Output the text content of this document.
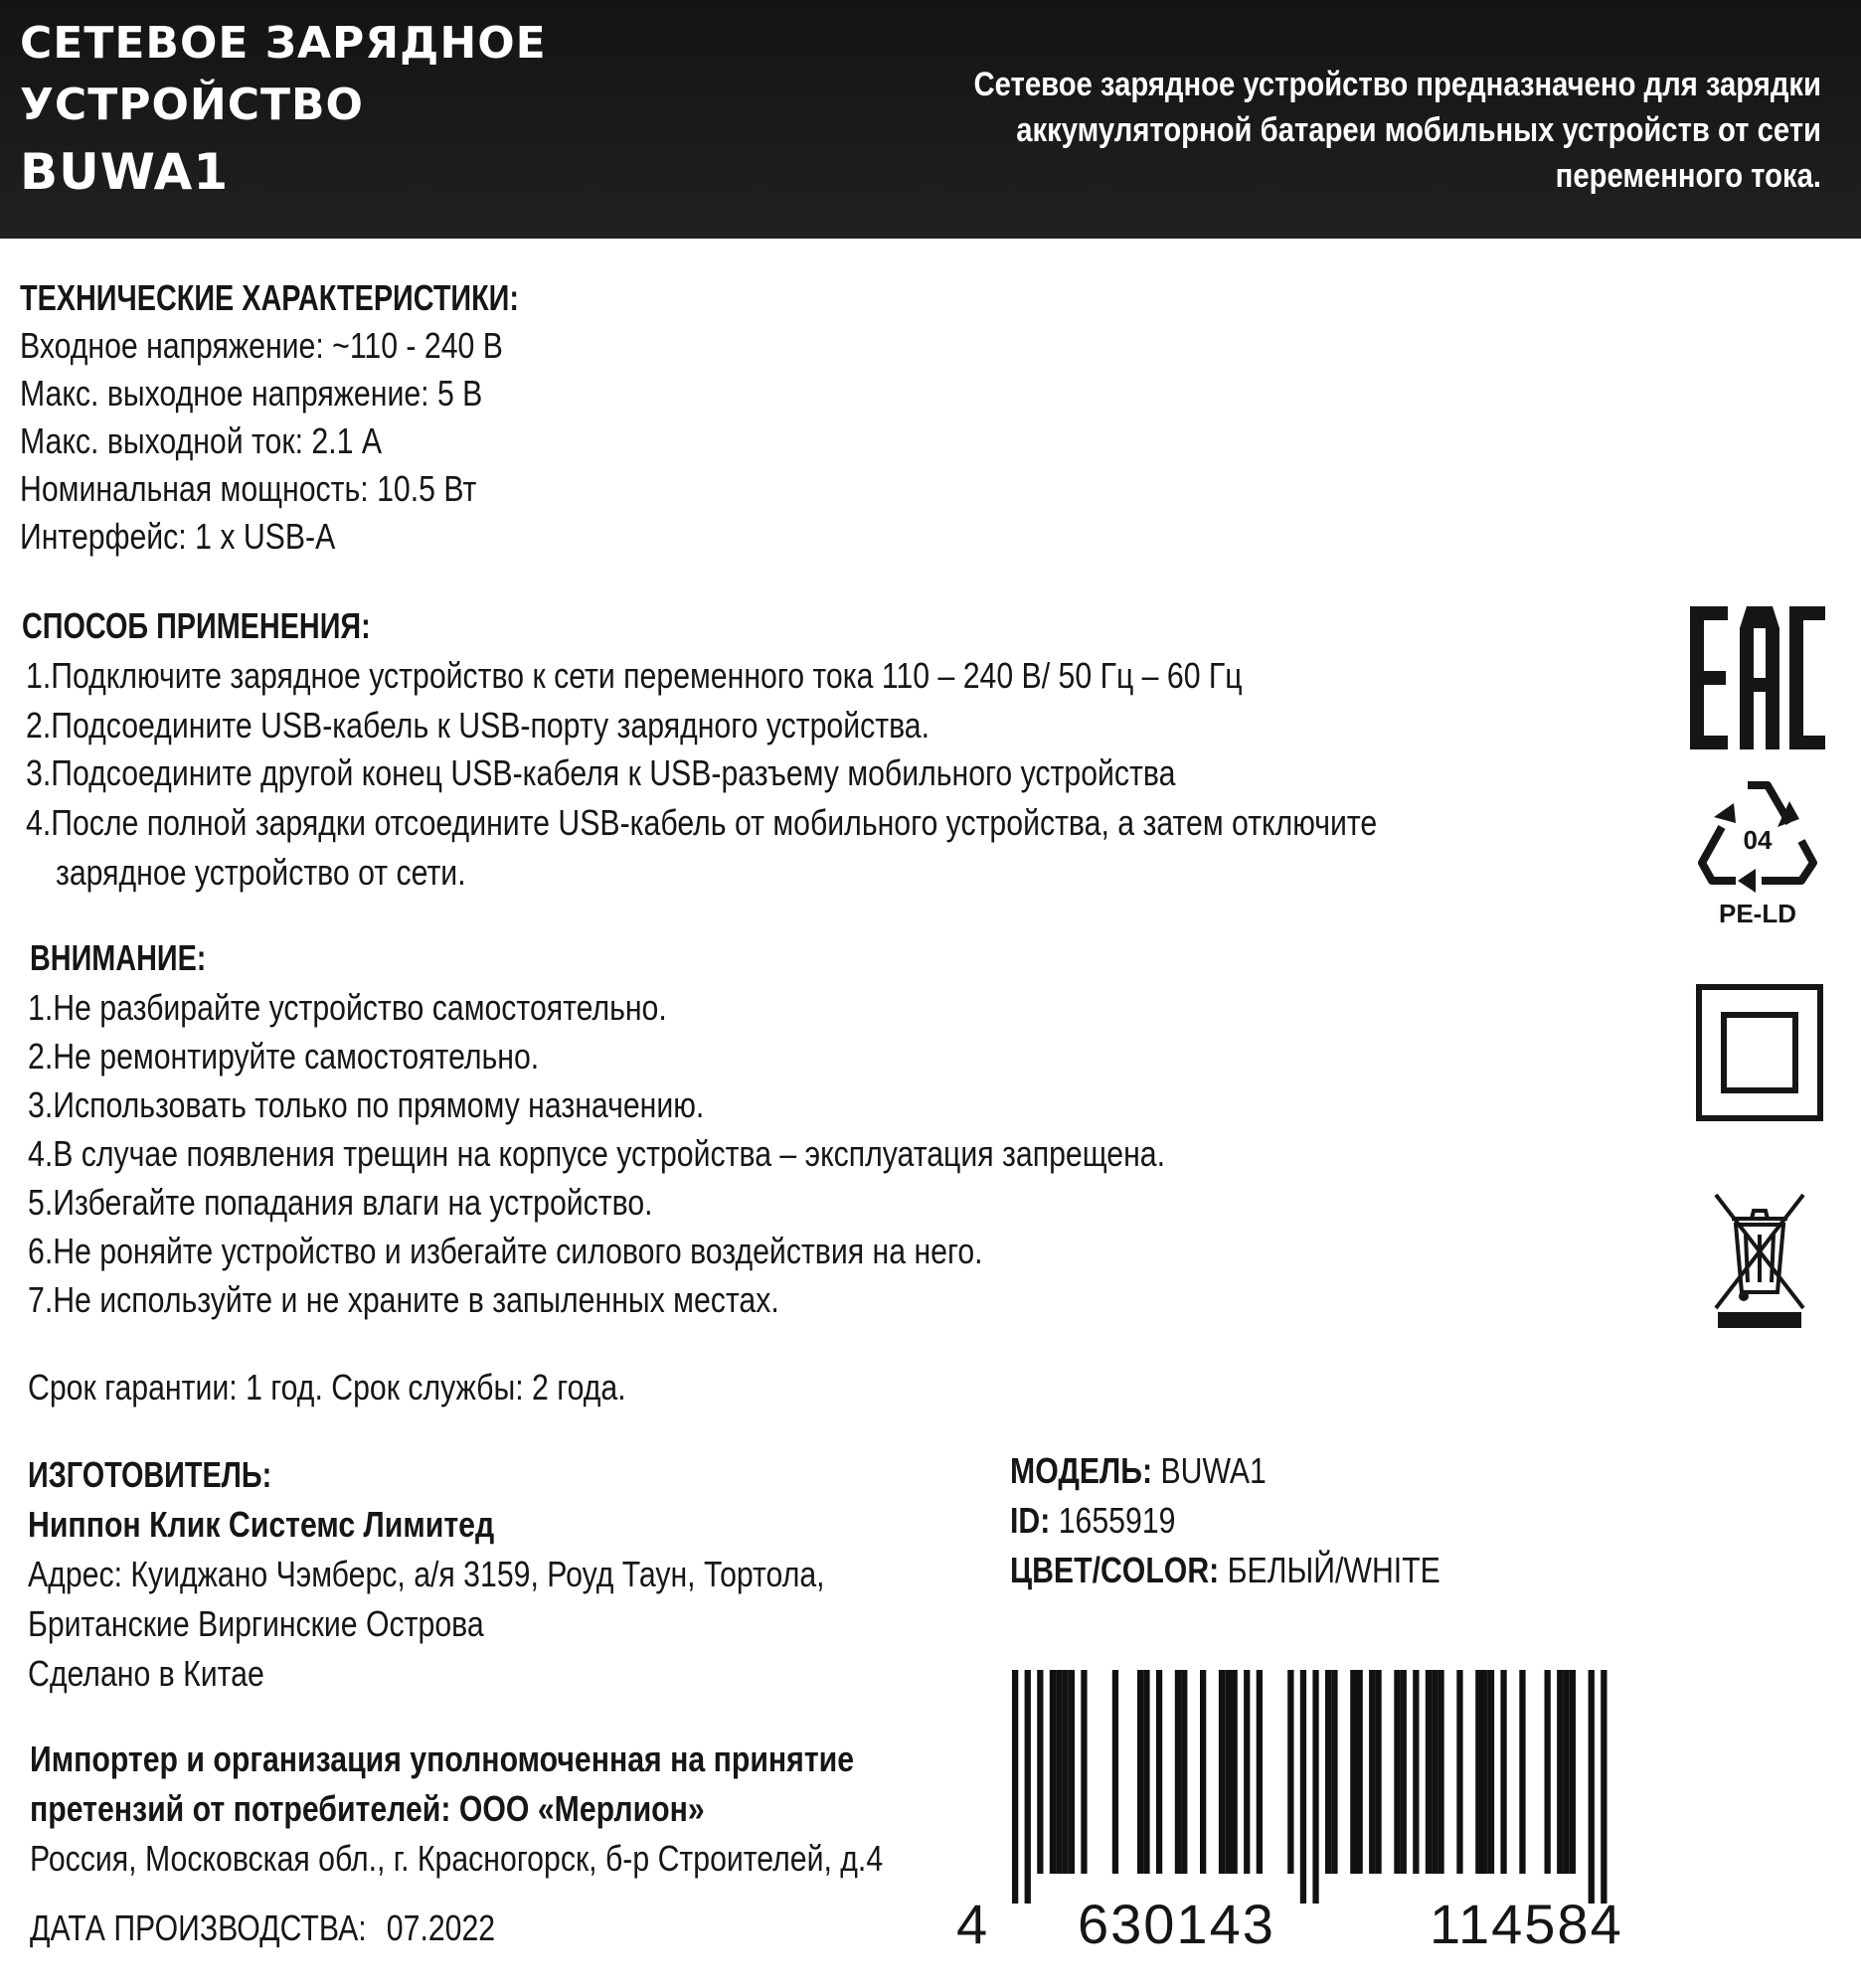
СЕТЕВОЕ ЗАРЯДНОЕ
УСТРОЙСТВО
BUWA1
Сетевое зарядное устройство предназначено для зарядки
аккумуляторной батареи мобильных устройств от сети переменного тока.
ТЕХНИЧЕСКИЕ ХАРАКТЕРИСТИКИ:
Входное напряжение: ~110 - 240 В
Макс. выходное напряжение: 5 В
Макс. выходной ток: 2.1 А
Номинальная мощность: 10.5 Вт
Интерфейс: 1 х USB-A
СПОСОБ ПРИМЕНЕНИЯ:
1.Подключите зарядное устройство к сети переменного тока 110 – 240 В/ 50 Гц – 60 Гц
2.Подсоедините USB-кабель к USB-порту зарядного устройства.
3.Подсоедините другой конец USB-кабеля к USB-разъему мобильного устройства
4.После полной зарядки отсоедините USB-кабель от мобильного устройства, а затем отключите
зарядное устройство от сети.
ВНИМАНИЕ:
1.Не разбирайте устройство самостоятельно.
2.Не ремонтируйте самостоятельно.
3.Использовать только по прямому назначению.
4.В случае появления трещин на корпусе устройства – эксплуатация запрещена.
5.Избегайте попадания влаги на устройство.
6.Не роняйте устройство и избегайте силового воздействия на него.
7.Не используйте и не храните в запыленных местах.
Срок гарантии: 1 год. Срок службы: 2 года.
ИЗГОТОВИТЕЛЬ:
Ниппон Клик Системс Лимитед
Адрес: Куиджано Чэмберс, а/я 3159, Роуд Таун, Тортола,
Британские Виргинские Острова
Сделано в Китае
МОДЕЛЬ: BUWA1
ID: 1655919
ЦВЕТ/COLOR: БЕЛЫЙ/WHITE
Импортер и организация уполномоченная на принятие
претензий от потребителей: ООО «Мерлион»
Россия, Московская обл., г. Красногорск, б-р Строителей, д.4
ДАТА ПРОИЗВОДСТВА: 07.2022
04
PE-LD
4 630143	114584
